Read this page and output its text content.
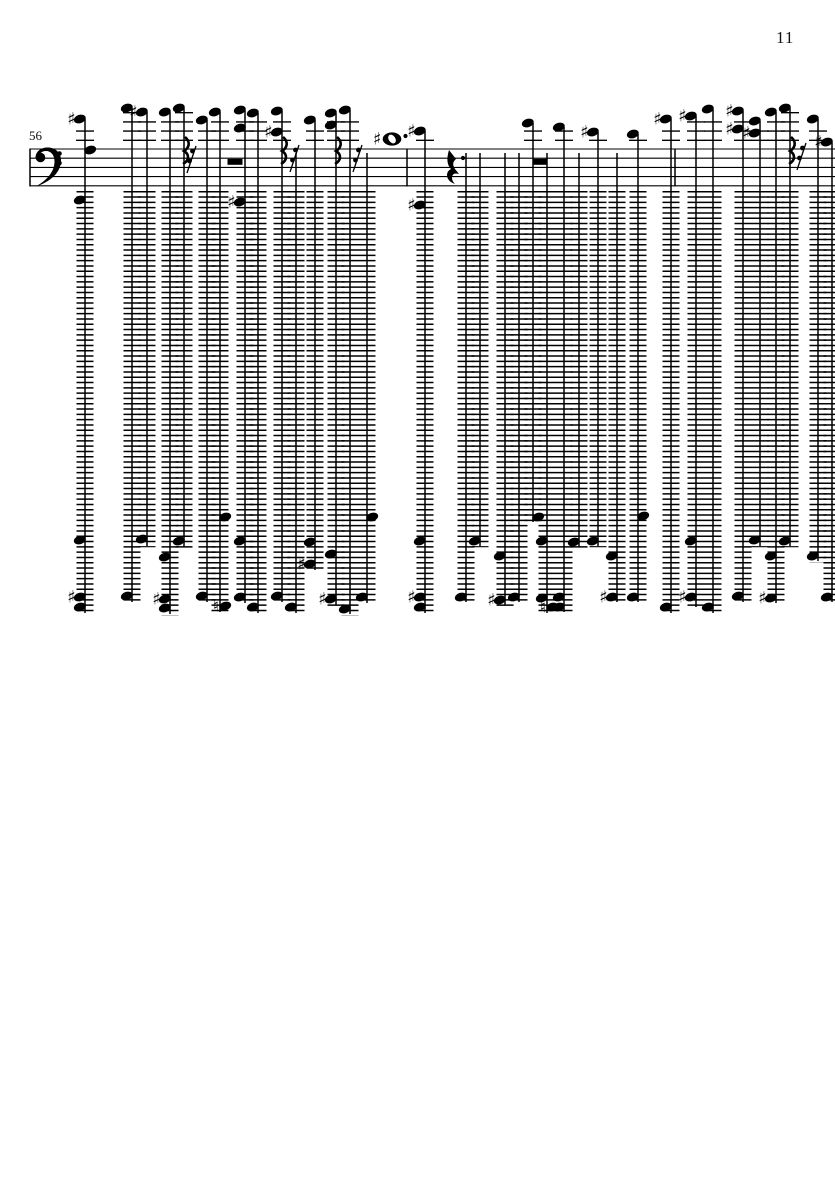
11
56
♯
♯
♯
♯	♮
♯
♯
♯
♯
♯
♯
♯	♯	♮
♯
♯
♯ ♯
♯
♯
♯ ♯
♯
♯
♯
